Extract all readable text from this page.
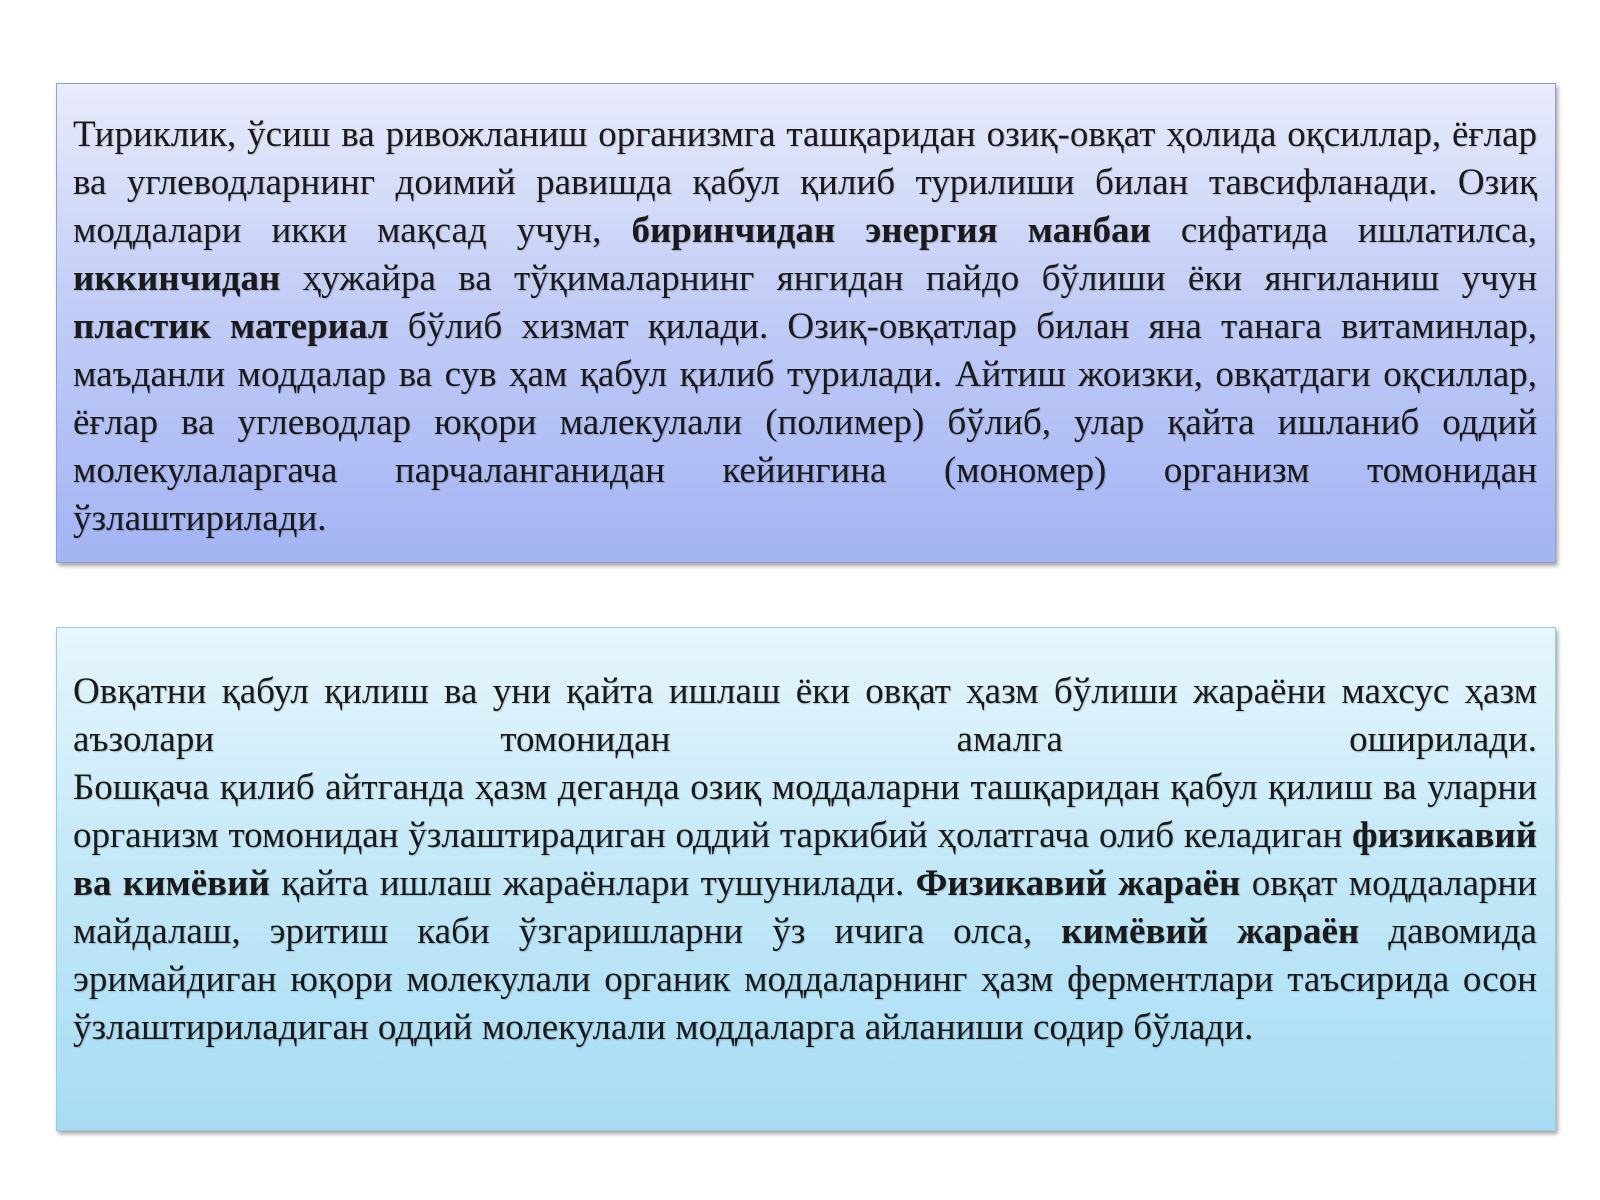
Тириклик, ўсиш ва ривожланиш организмга ташқаридан озиқ-овқат ҳолида оқсиллар, ёғлар ва углеводларнинг доимий равишда қабул қилиб турилиши билан тавсифланади. Озиқ моддалари икки мақсад учун, биринчидан энергия манбаи сифатида ишлатилса, иккинчидан ҳужайра ва тўқималарнинг янгидан пайдо бўлиши ёки янгиланиш учун пластик материал бўлиб хизмат қилади. Озиқ-овқатлар билан яна танага витаминлар, маъданли моддалар ва сув ҳам қабул қилиб турилади. Айтиш жоизки, овқатдаги оқсиллар, ёғлар ва углеводлар юқори малекулали (полимер) бўлиб, улар қайта ишланиб оддий молекулаларгача парчаланганидан кейингина (мономер) организм томонидан ўзлаштирилади.

Овқатни қабул қилиш ва уни қайта ишлаш ёки овқат ҳазм бўлиши жараёни махсус ҳазм аъзолари томонидан амалга оширилади.

Бошқача қилиб айтганда ҳазм деганда озиқ моддаларни ташқаридан қабул қилиш ва уларни организм томонидан ўзлаштирадиган оддий таркибий ҳолатгача олиб келадиган физикавий ва кимёвий қайта ишлаш жараёнлари тушунилади. Физикавий жараён овқат моддаларни майдалаш, эритиш каби ўзгаришларни ўз ичига олса, кимёвий жараён давомида эримайдиган юқори молекулали органик моддаларнинг ҳазм ферментлари таъсирида осон ўзлаштириладиган оддий молекулали моддаларга айланиши содир бўлади.
